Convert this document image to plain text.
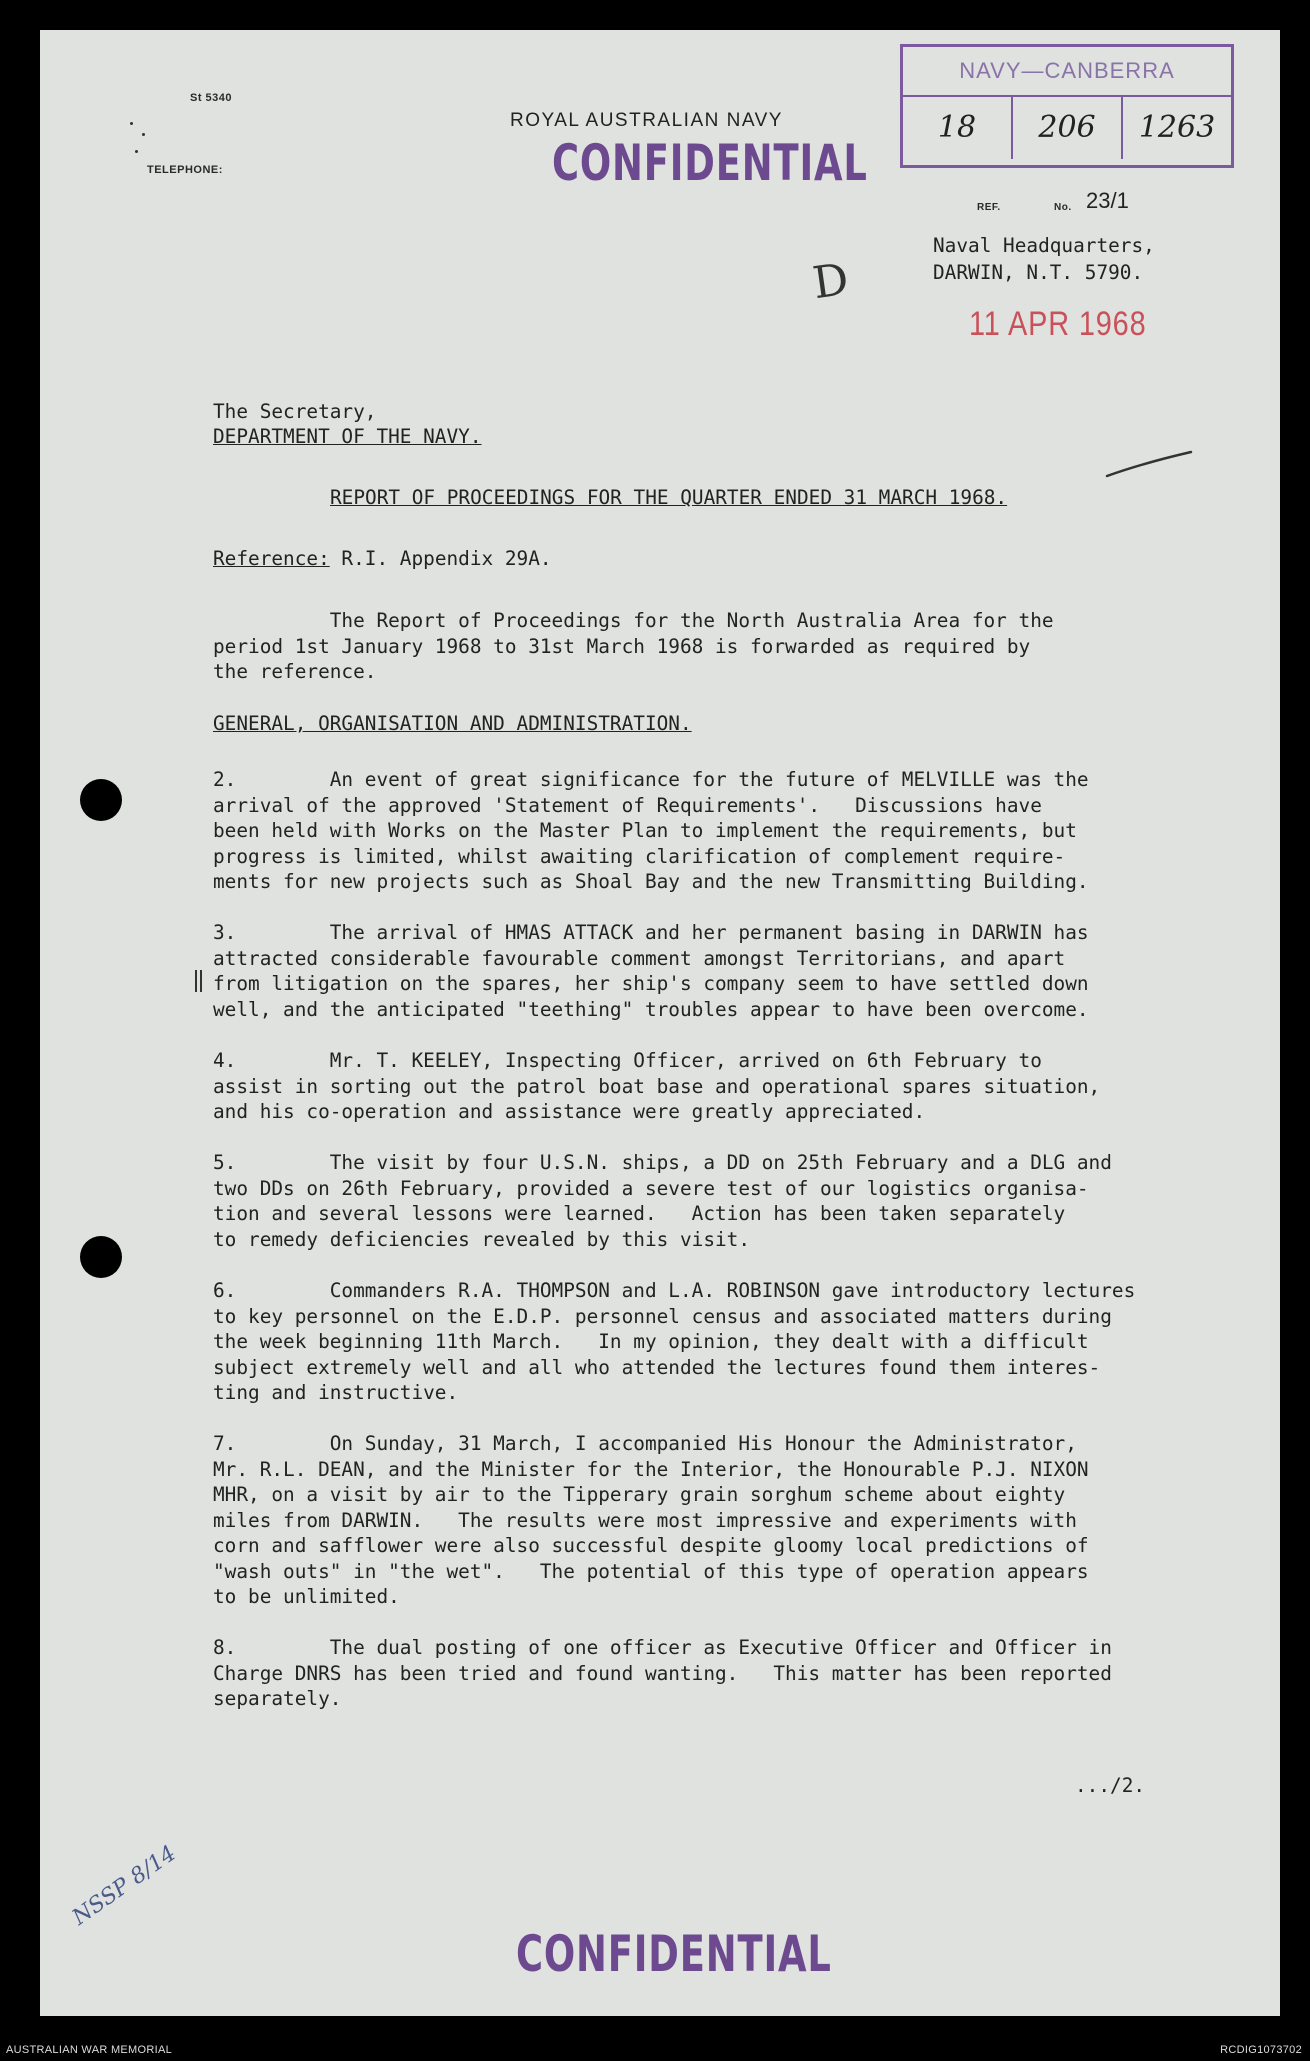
St 5340
TELEPHONE:
ROYAL AUSTRALIAN NAVY
CONFIDENTIAL
NAVY—CANBERRA
18	206	1263
REF.	No. 23/1
Naval Headquarters,
DARWIN, N.T. 5790.
D
11 APR 1968
The Secretary,
DEPARTMENT OF THE NAVY.
REPORT OF PROCEEDINGS FOR THE QUARTER ENDED 31 MARCH 1968.
Reference: R.I. Appendix 29A.
The Report of Proceedings for the North Australia Area for the
period 1st January 1968 to 31st March 1968 is forwarded as required by
the reference.
GENERAL, ORGANISATION AND ADMINISTRATION.
2.        An event of great significance for the future of MELVILLE was the
arrival of the approved 'Statement of Requirements'.   Discussions have
been held with Works on the Master Plan to implement the requirements, but
progress is limited, whilst awaiting clarification of complement require-
ments for new projects such as Shoal Bay and the new Transmitting Building.
3.        The arrival of HMAS ATTACK and her permanent basing in DARWIN has
attracted considerable favourable comment amongst Territorians, and apart
from litigation on the spares, her ship's company seem to have settled down
well, and the anticipated "teething" troubles appear to have been overcome.
4.        Mr. T. KEELEY, Inspecting Officer, arrived on 6th February to
assist in sorting out the patrol boat base and operational spares situation,
and his co-operation and assistance were greatly appreciated.
5.        The visit by four U.S.N. ships, a DD on 25th February and a DLG and
two DDs on 26th February, provided a severe test of our logistics organisa-
tion and several lessons were learned.   Action has been taken separately
to remedy deficiencies revealed by this visit.
6.        Commanders R.A. THOMPSON and L.A. ROBINSON gave introductory lectures
to key personnel on the E.D.P. personnel census and associated matters during
the week beginning 11th March.   In my opinion, they dealt with a difficult
subject extremely well and all who attended the lectures found them interes-
ting and instructive.
7.        On Sunday, 31 March, I accompanied His Honour the Administrator,
Mr. R.L. DEAN, and the Minister for the Interior, the Honourable P.J. NIXON
MHR, on a visit by air to the Tipperary grain sorghum scheme about eighty
miles from DARWIN.   The results were most impressive and experiments with
corn and safflower were also successful despite gloomy local predictions of
"wash outs" in "the wet".   The potential of this type of operation appears
to be unlimited.
8.        The dual posting of one officer as Executive Officer and Officer in
Charge DNRS has been tried and found wanting.   This matter has been reported
separately.
.../2.
NSSP 8/14
CONFIDENTIAL
AUSTRALIAN WAR MEMORIAL	RCDIG1073702
